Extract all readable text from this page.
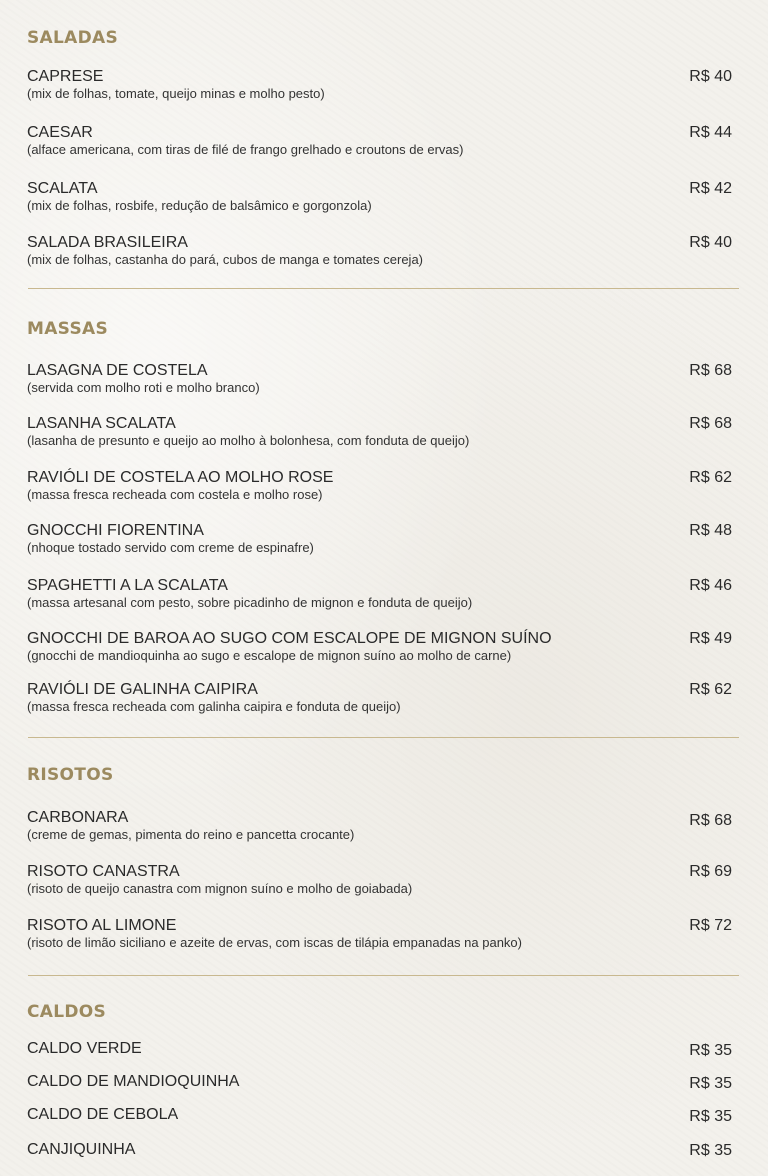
SALADAS
CAPRESE
(mix de folhas, tomate, queijo minas e molho pesto)
R$ 40
CAESAR
(alface americana, com tiras de filé de frango grelhado e croutons de ervas)
R$ 44
SCALATA
(mix de folhas, rosbife, redução de balsâmico e gorgonzola)
R$ 42
SALADA BRASILEIRA
(mix de folhas, castanha do pará, cubos de manga e tomates cereja)
R$ 40
MASSAS
LASAGNA DE COSTELA
(servida com molho roti e molho branco)
R$ 68
LASANHA SCALATA
(lasanha de presunto e queijo ao molho à bolonhesa, com fonduta de queijo)
R$ 68
RAVIÓLI DE COSTELA AO MOLHO ROSE
(massa fresca recheada com costela e molho rose)
R$ 62
GNOCCHI FIORENTINA
(nhoque tostado servido com creme de espinafre)
R$ 48
SPAGHETTI A LA SCALATA
(massa artesanal com pesto, sobre picadinho de mignon e fonduta de queijo)
R$ 46
GNOCCHI DE BAROA AO SUGO COM ESCALOPE DE MIGNON SUÍNO
(gnocchi de mandioquinha ao sugo e escalope de mignon suíno ao molho de carne)
R$ 49
RAVIÓLI DE GALINHA CAIPIRA
(massa fresca recheada com galinha caipira e fonduta de queijo)
R$ 62
RISOTOS
CARBONARA
(creme de gemas, pimenta do reino e pancetta crocante)
R$ 68
RISOTO CANASTRA
(risoto de queijo canastra com mignon suíno e molho de goiabada)
R$ 69
RISOTO AL LIMONE
(risoto de limão siciliano e azeite de ervas, com iscas de tilápia empanadas na panko)
R$ 72
CALDOS
CALDO VERDE	R$ 35
CALDO DE MANDIOQUINHA	R$ 35
CALDO DE CEBOLA	R$ 35
CANJIQUINHA	R$ 35
